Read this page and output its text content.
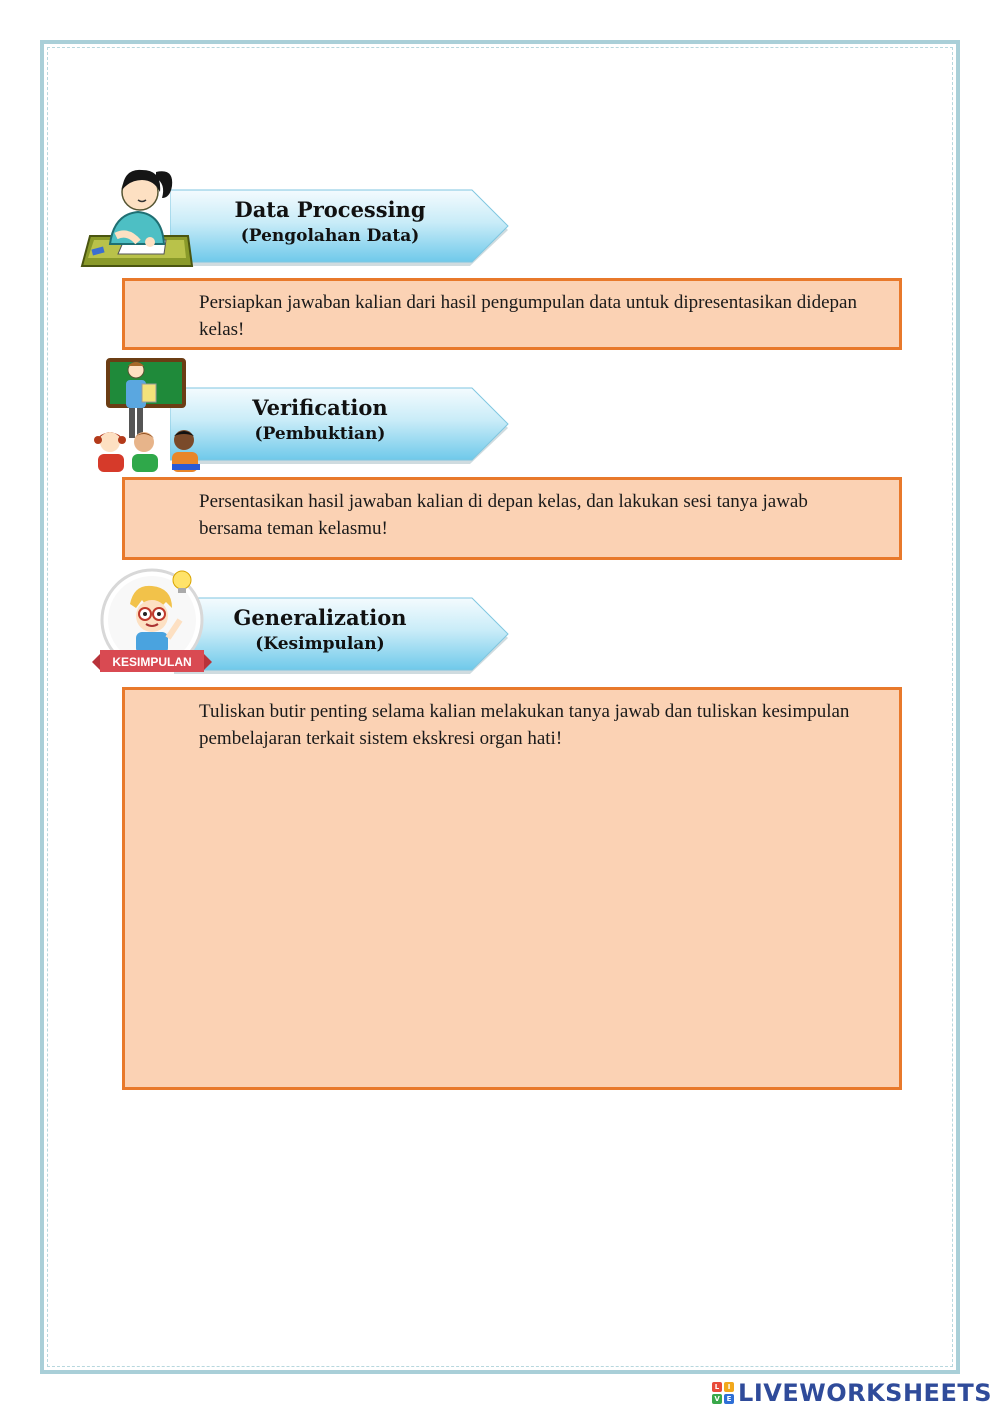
Data Processing
(Pengolahan Data)
Persiapkan jawaban kalian dari hasil pengumpulan data untuk dipresentasikan didepan kelas!
Verification
(Pembuktian)
Persentasikan hasil jawaban kalian di depan kelas, dan lakukan sesi tanya jawab bersama teman kelasmu!
Generalization
(Kesimpulan)
KESIMPULAN
Tuliskan butir penting selama kalian melakukan tanya jawab dan tuliskan kesimpulan pembelajaran terkait sistem ekskresi organ hati!
L	I
V E LIVEWORKSHEETS
